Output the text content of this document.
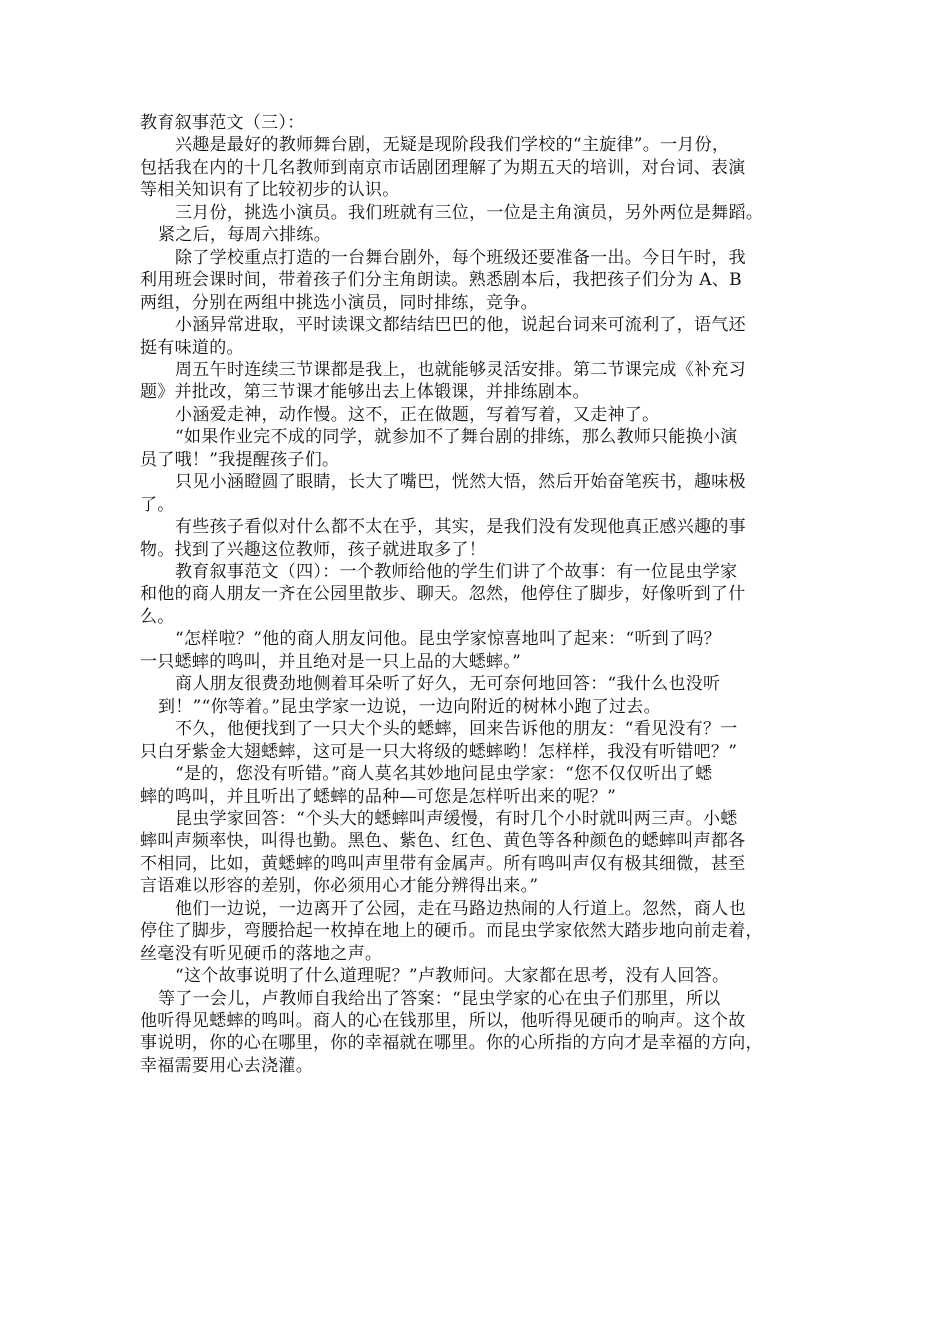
教育叙事范文（三）：
兴趣是最好的教师舞台剧，无疑是现阶段我们学校的“主旋律”。一月份，
包括我在内的十几名教师到南京市话剧团理解了为期五天的培训，对台词、表演
等相关知识有了比较初步的认识。
三月份，挑选小演员。我们班就有三位，一位是主角演员，另外两位是舞蹈。
紧之后，每周六排练。
除了学校重点打造的一台舞台剧外，每个班级还要准备一出。今日午时，我
利用班会课时间，带着孩子们分主角朗读。熟悉剧本后，我把孩子们分为 A、B
两组，分别在两组中挑选小演员，同时排练，竞争。
小涵异常进取，平时读课文都结结巴巴的他，说起台词来可流利了，语气还
挺有味道的。
周五午时连续三节课都是我上，也就能够灵活安排。第二节课完成《补充习
题》并批改，第三节课才能够出去上体锻课，并排练剧本。
小涵爱走神，动作慢。这不，正在做题，写着写着，又走神了。
“如果作业完不成的同学，就参加不了舞台剧的排练，那么教师只能换小演
员了哦！”我提醒孩子们。
只见小涵瞪圆了眼睛，长大了嘴巴，恍然大悟，然后开始奋笔疾书，趣味极
了。
有些孩子看似对什么都不太在乎，其实，是我们没有发现他真正感兴趣的事
物。找到了兴趣这位教师，孩子就进取多了！
教育叙事范文（四）：一个教师给他的学生们讲了个故事：有一位昆虫学家
和他的商人朋友一齐在公园里散步、聊天。忽然，他停住了脚步，好像听到了什
么。
“怎样啦？”他的商人朋友问他。昆虫学家惊喜地叫了起来：“听到了吗？
一只蟋蟀的鸣叫，并且绝对是一只上品的大蟋蟀。”
商人朋友很费劲地侧着耳朵听了好久，无可奈何地回答：“我什么也没听
到！”“你等着。”昆虫学家一边说，一边向附近的树林小跑了过去。
不久，他便找到了一只大个头的蟋蟀，回来告诉他的朋友：“看见没有？一
只白牙紫金大翅蟋蟀，这可是一只大将级的蟋蟀哟！怎样样，我没有听错吧？”
“是的，您没有听错。”商人莫名其妙地问昆虫学家：“您不仅仅听出了蟋
蟀的鸣叫，并且听出了蟋蟀的品种—可您是怎样听出来的呢？”
昆虫学家回答：“个头大的蟋蟀叫声缓慢，有时几个小时就叫两三声。小蟋
蟀叫声频率快，叫得也勤。黑色、紫色、红色、黄色等各种颜色的蟋蟀叫声都各
不相同，比如，黄蟋蟀的鸣叫声里带有金属声。所有鸣叫声仅有极其细微，甚至
言语难以形容的差别，你必须用心才能分辨得出来。”
他们一边说，一边离开了公园，走在马路边热闹的人行道上。忽然，商人也
停住了脚步，弯腰拾起一枚掉在地上的硬币。而昆虫学家依然大踏步地向前走着，
丝毫没有听见硬币的落地之声。
“这个故事说明了什么道理呢？”卢教师问。大家都在思考，没有人回答。
等了一会儿，卢教师自我给出了答案：“昆虫学家的心在虫子们那里，所以
他听得见蟋蟀的鸣叫。商人的心在钱那里，所以，他听得见硬币的响声。这个故
事说明，你的心在哪里，你的幸福就在哪里。你的心所指的方向才是幸福的方向，
幸福需要用心去浇灌。
